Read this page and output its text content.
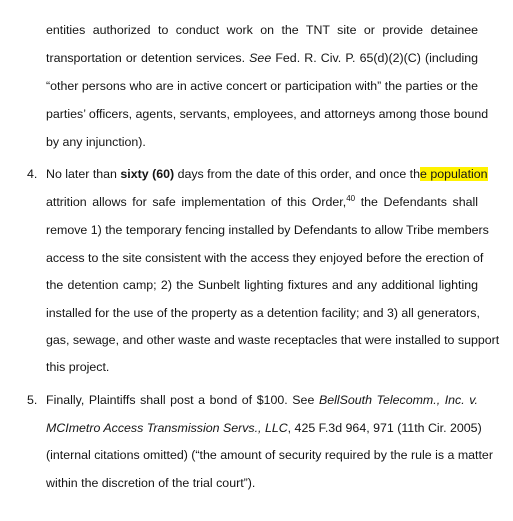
entities authorized to conduct work on the TNT site or provide detainee
transportation or detention services. See Fed. R. Civ. P. 65(d)(2)(C) (including
“other persons who are in active concert or participation with” the parties or the
parties’ officers, agents, servants, employees, and attorneys among those bound
by any injunction).
4. No later than sixty (60) days from the date of this order, and once the population
attrition allows for safe implementation of this Order,$^{40}$ the Defendants shall
remove 1) the temporary fencing installed by Defendants to allow Tribe members
access to the site consistent with the access they enjoyed before the erection of
the detention camp; 2) the Sunbelt lighting fixtures and any additional lighting
installed for the use of the property as a detention facility; and 3) all generators,
gas, sewage, and other waste and waste receptacles that were installed to support
this project.
5. Finally, Plaintiffs shall post a bond of $100. See BellSouth Telecomm., Inc. v.
MCImetro Access Transmission Servs., LLC, 425 F.3d 964, 971 (11th Cir. 2005)
(internal citations omitted) (“the amount of security required by the rule is a matter
within the discretion of the trial court”).
